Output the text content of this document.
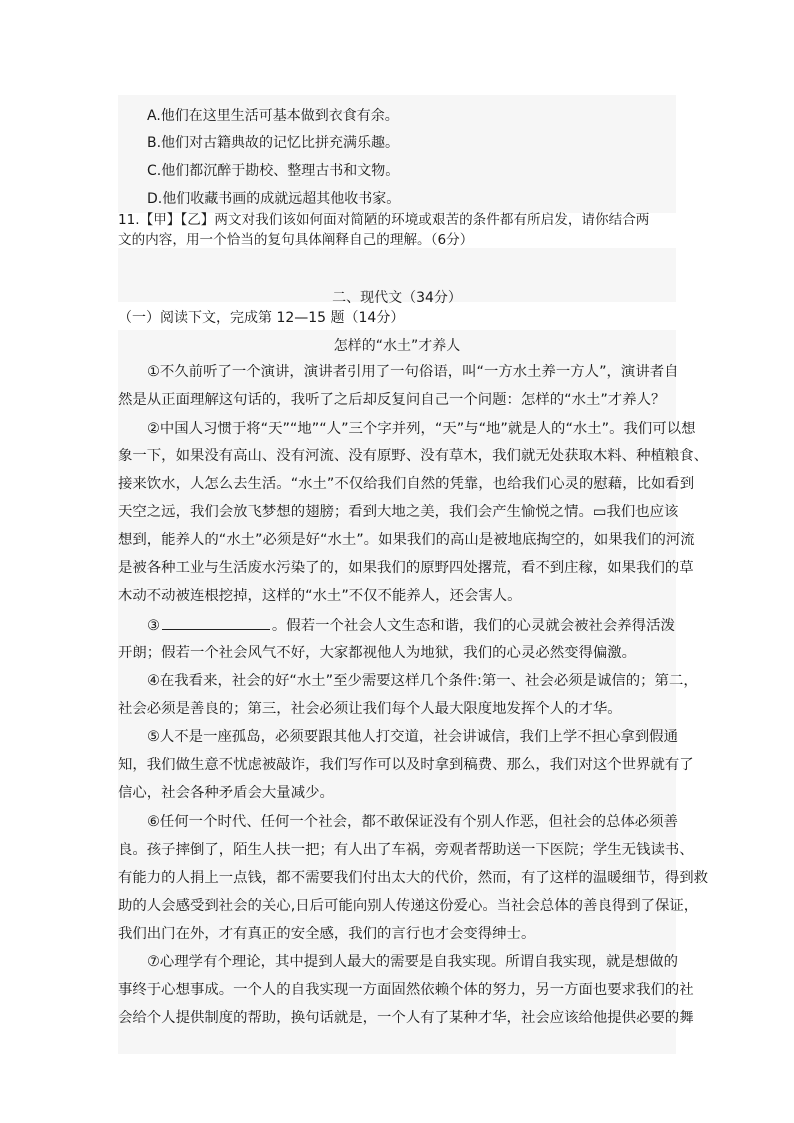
A.他们在这里生活可基本做到衣食有余。
B.他们对古籍典故的记忆比拼充满乐趣。
C.他们都沉醉于勘校、整理古书和文物。
D.他们收藏书画的成就远超其他收书家。
11.【甲】【乙】两文对我们该如何面对简陋的环境或艰苦的条件都有所启发，请你结合两
文的内容，用一个恰当的复句具体阐释自己的理解。（6分）
二、现代文（34分）
（一）阅读下文，完成第 12—15 题（14分）
怎样的“水土”才养人
①不久前听了一个演讲，演讲者引用了一句俗语，叫“一方水土养一方人”，演讲者自
然是从正面理解这句话的，我听了之后却反复问自己一个问题：怎样的“水土”才养人？
②中国人习惯于将“天”“地”“人”三个字并列，“天”与“地”就是人的“水土”。我们可以想
象一下，如果没有高山、没有河流、没有原野、没有草木，我们就无处获取木料、种植粮食、
接来饮水，人怎么去生活。“水土”不仅给我们自然的凭靠，也给我们心灵的慰藉，比如看到
天空之远，我们会放飞梦想的翅膀；看到大地之美，我们会产生愉悦之情。▭我们也应该
想到，能养人的“水土”必须是好“水土”。如果我们的高山是被地底掏空的，如果我们的河流
是被各种工业与生活废水污染了的，如果我们的原野四处撂荒，看不到庄稼，如果我们的草
木动不动被连根挖掉，这样的“水土”不仅不能养人，还会害人。
③	。假若一个社会人文生态和谐，我们的心灵就会被社会养得活泼
开朗；假若一个社会风气不好，大家都视他人为地狱，我们的心灵必然变得偏激。
④在我看来，社会的好“水土”至少需要这样几个条件:第一、社会必须是诚信的；第二，
社会必须是善良的；第三，社会必须让我们每个人最大限度地发挥个人的才华。
⑤人不是一座孤岛，必须要跟其他人打交道，社会讲诚信，我们上学不担心拿到假通
知，我们做生意不忧虑被敲诈，我们写作可以及时拿到稿费、那么，我们对这个世界就有了
信心，社会各种矛盾会大量减少。
⑥任何一个时代、任何一个社会，都不敢保证没有个别人作恶，但社会的总体必须善
良。孩子摔倒了，陌生人扶一把；有人出了车祸，旁观者帮助送一下医院；学生无钱读书、
有能力的人捐上一点钱，都不需要我们付出太大的代价，然而，有了这样的温暖细节，得到救
助的人会感受到社会的关心,日后可能向别人传递这份爱心。当社会总体的善良得到了保证，
我们出门在外，才有真正的安全感，我们的言行也才会变得绅士。
⑦心理学有个理论，其中提到人最大的需要是自我实现。所谓自我实现，就是想做的
事终于心想事成。一个人的自我实现一方面固然依赖个体的努力，另一方面也要求我们的社
会给个人提供制度的帮助，换句话就是，一个人有了某种才华，社会应该给他提供必要的舞
